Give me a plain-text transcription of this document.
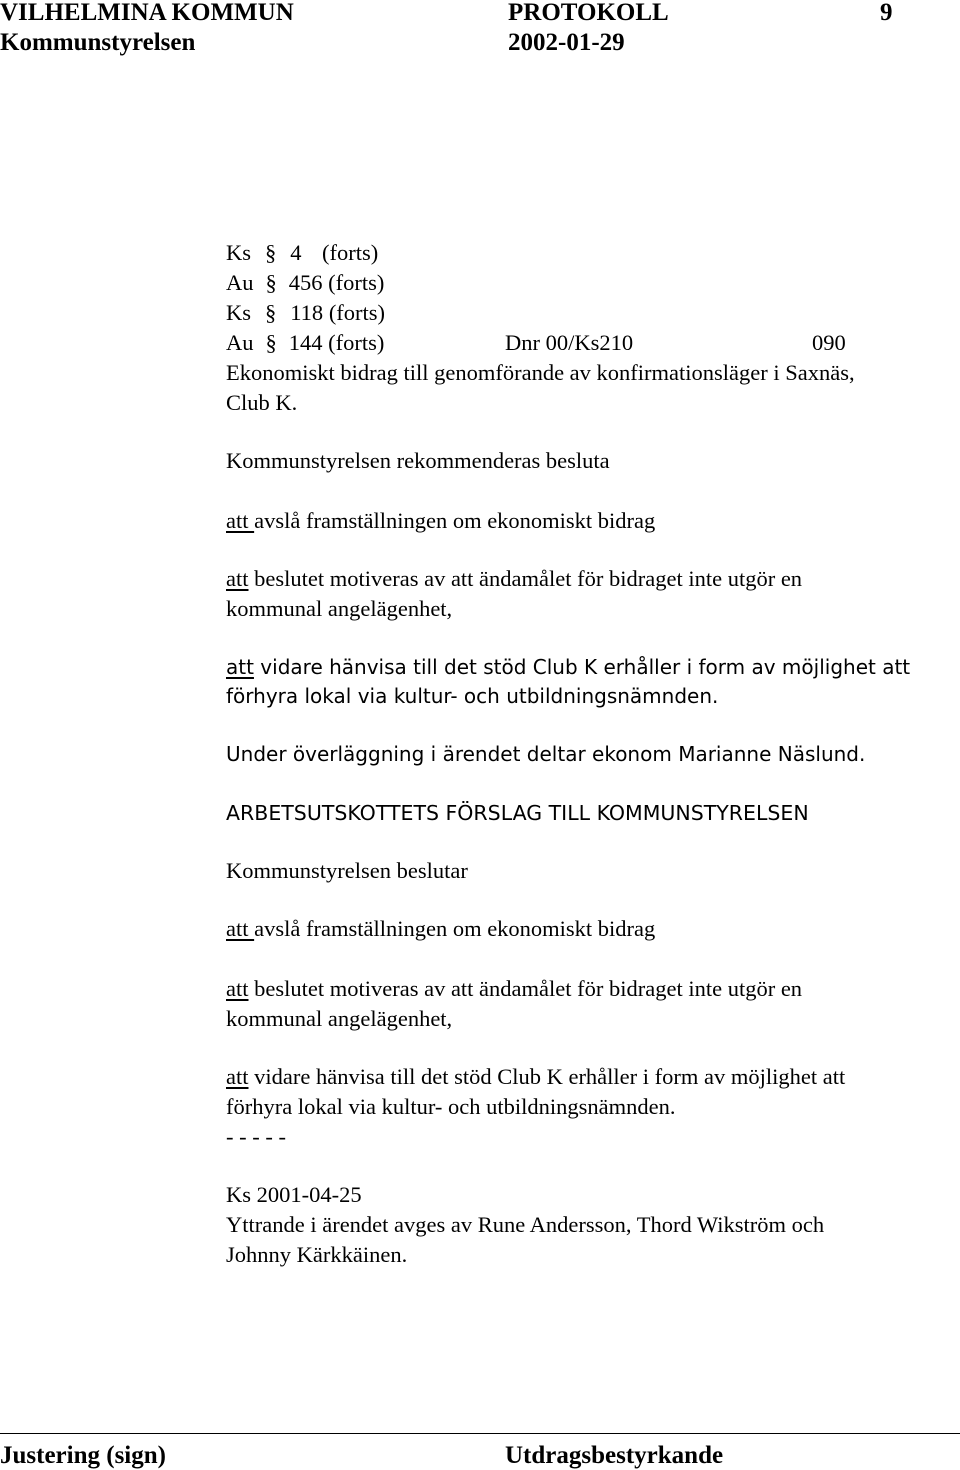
VILHELMINA KOMMUN	PROTOKOLL	9
Kommunstyrelsen	2002-01-29
Ks § 4 (forts)
Au § 456 (forts)
Ks § 118 (forts)
Au § 144 (forts)	Dnr 00/Ks210	090
Ekonomiskt bidrag till genomförande av konfirmationsläger i Saxnäs,
Club K.
Kommunstyrelsen rekommenderas besluta
att avslå framställningen om ekonomiskt bidrag
att beslutet motiveras av att ändamålet för bidraget inte utgör en
kommunal angelägenhet,
att vidare hänvisa till det stöd Club K erhåller i form av möjlighet att
förhyra lokal via kultur- och utbildningsnämnden.
Under överläggning i ärendet deltar ekonom Marianne Näslund.
ARBETSUTSKOTTETS FÖRSLAG TILL KOMMUNSTYRELSEN
Kommunstyrelsen beslutar
att avslå framställningen om ekonomiskt bidrag
att beslutet motiveras av att ändamålet för bidraget inte utgör en
kommunal angelägenhet,
att vidare hänvisa till det stöd Club K erhåller i form av möjlighet att
förhyra lokal via kultur- och utbildningsnämnden.
- - - - -
Ks 2001-04-25
Yttrande i ärendet avges av Rune Andersson, Thord Wikström och
Johnny Kärkkäinen.
Justering (sign)	Utdragsbestyrkande
